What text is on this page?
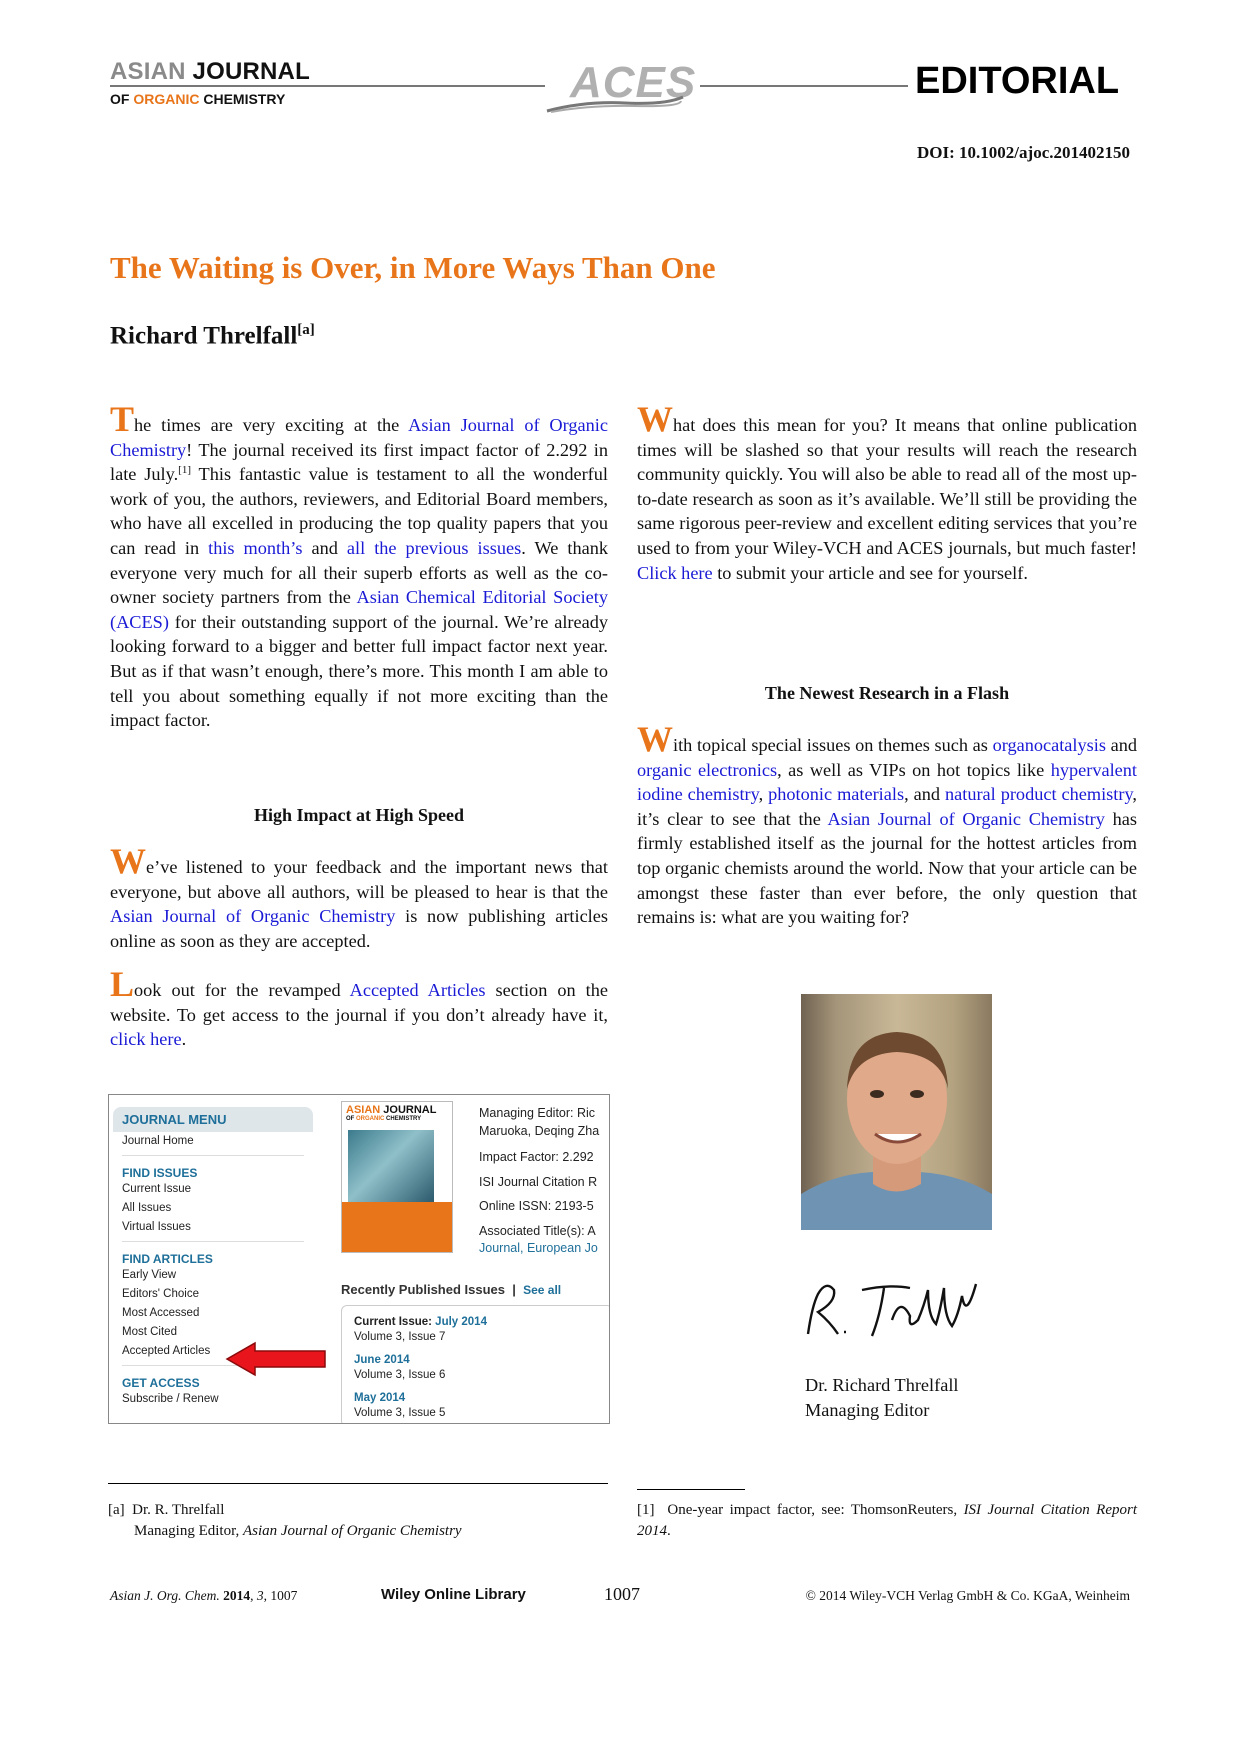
ASIAN JOURNAL
OF ORGANIC CHEMISTRY	ACES	EDITORIAL
DOI: 10.1002/ajoc.201402150
The Waiting is Over, in More Ways Than One
Richard Threlfall[a]

The times are very exciting at the Asian Journal of Organic Chemistry! The journal received its first impact factor of 2.292 in late July.[1] This fantastic value is testament to all the wonderful work of you, the authors, reviewers, and Editorial Board members, who have all excelled in producing the top quality papers that you can read in this month’s and all the previous issues. We thank everyone very much for all their superb efforts as well as the co-owner society partners from the Asian Chemical Editorial Society (ACES) for their outstanding support of the journal. We’re already looking forward to a bigger and better full impact factor next year. But as if that wasn’t enough, there’s more. This month I am able to tell you about something equally if not more exciting than the impact factor.

High Impact at High Speed

We’ve listened to your feedback and the important news that everyone, but above all authors, will be pleased to hear is that the Asian Journal of Organic Chemistry is now publishing articles online as soon as they are accepted.

Look out for the revamped Accepted Articles section on the website. To get access to the journal if you don’t already have it, click here.

JOURNAL MENU
Journal Home
FIND ISSUES
Current Issue
All Issues
Virtual Issues
FIND ARTICLES
Early View
Editors' Choice
Most Accessed
Most Cited
Accepted Articles
GET ACCESS
Subscribe / Renew
ASIAN JOURNAL
OF ORGANIC CHEMISTRY	Managing Editor: Ric
Maruoka, Deqing Zha
Impact Factor: 2.292
ISI Journal Citation R
Online ISSN: 2193-5
Associated Title(s): A
Journal, European Jo
Recently Published Issues  |  See all
Current Issue: July 2014
Volume 3, Issue 7
June 2014
Volume 3, Issue 6
May 2014
Volume 3, Issue 5

What does this mean for you? It means that online publication times will be slashed so that your results will reach the research community quickly. You will also be able to read all of the most up-to-date research as soon as it’s available. We’ll still be providing the same rigorous peer-review and excellent editing services that you’re used to from your Wiley-VCH and ACES journals, but much faster! Click here to submit your article and see for yourself.

The Newest Research in a Flash

With topical special issues on themes such as organocatalysis and organic electronics, as well as VIPs on hot topics like hypervalent iodine chemistry, photonic materials, and natural product chemistry, it’s clear to see that the Asian Journal of Organic Chemistry has firmly established itself as the journal for the hottest articles from top organic chemists around the world. Now that your article can be amongst these faster than ever before, the only question that remains is: what are you waiting for?

Dr. Richard Threlfall
Managing Editor
[a] Dr. R. Threlfall
Managing Editor, Asian Journal of Organic Chemistry
[1] One-year impact factor, see: ThomsonReuters, ISI Journal Citation Report 2014.
Asian J. Org. Chem. 2014, 3, 1007	Wiley Online Library	1007	© 2014 Wiley-VCH Verlag GmbH & Co. KGaA, Weinheim
